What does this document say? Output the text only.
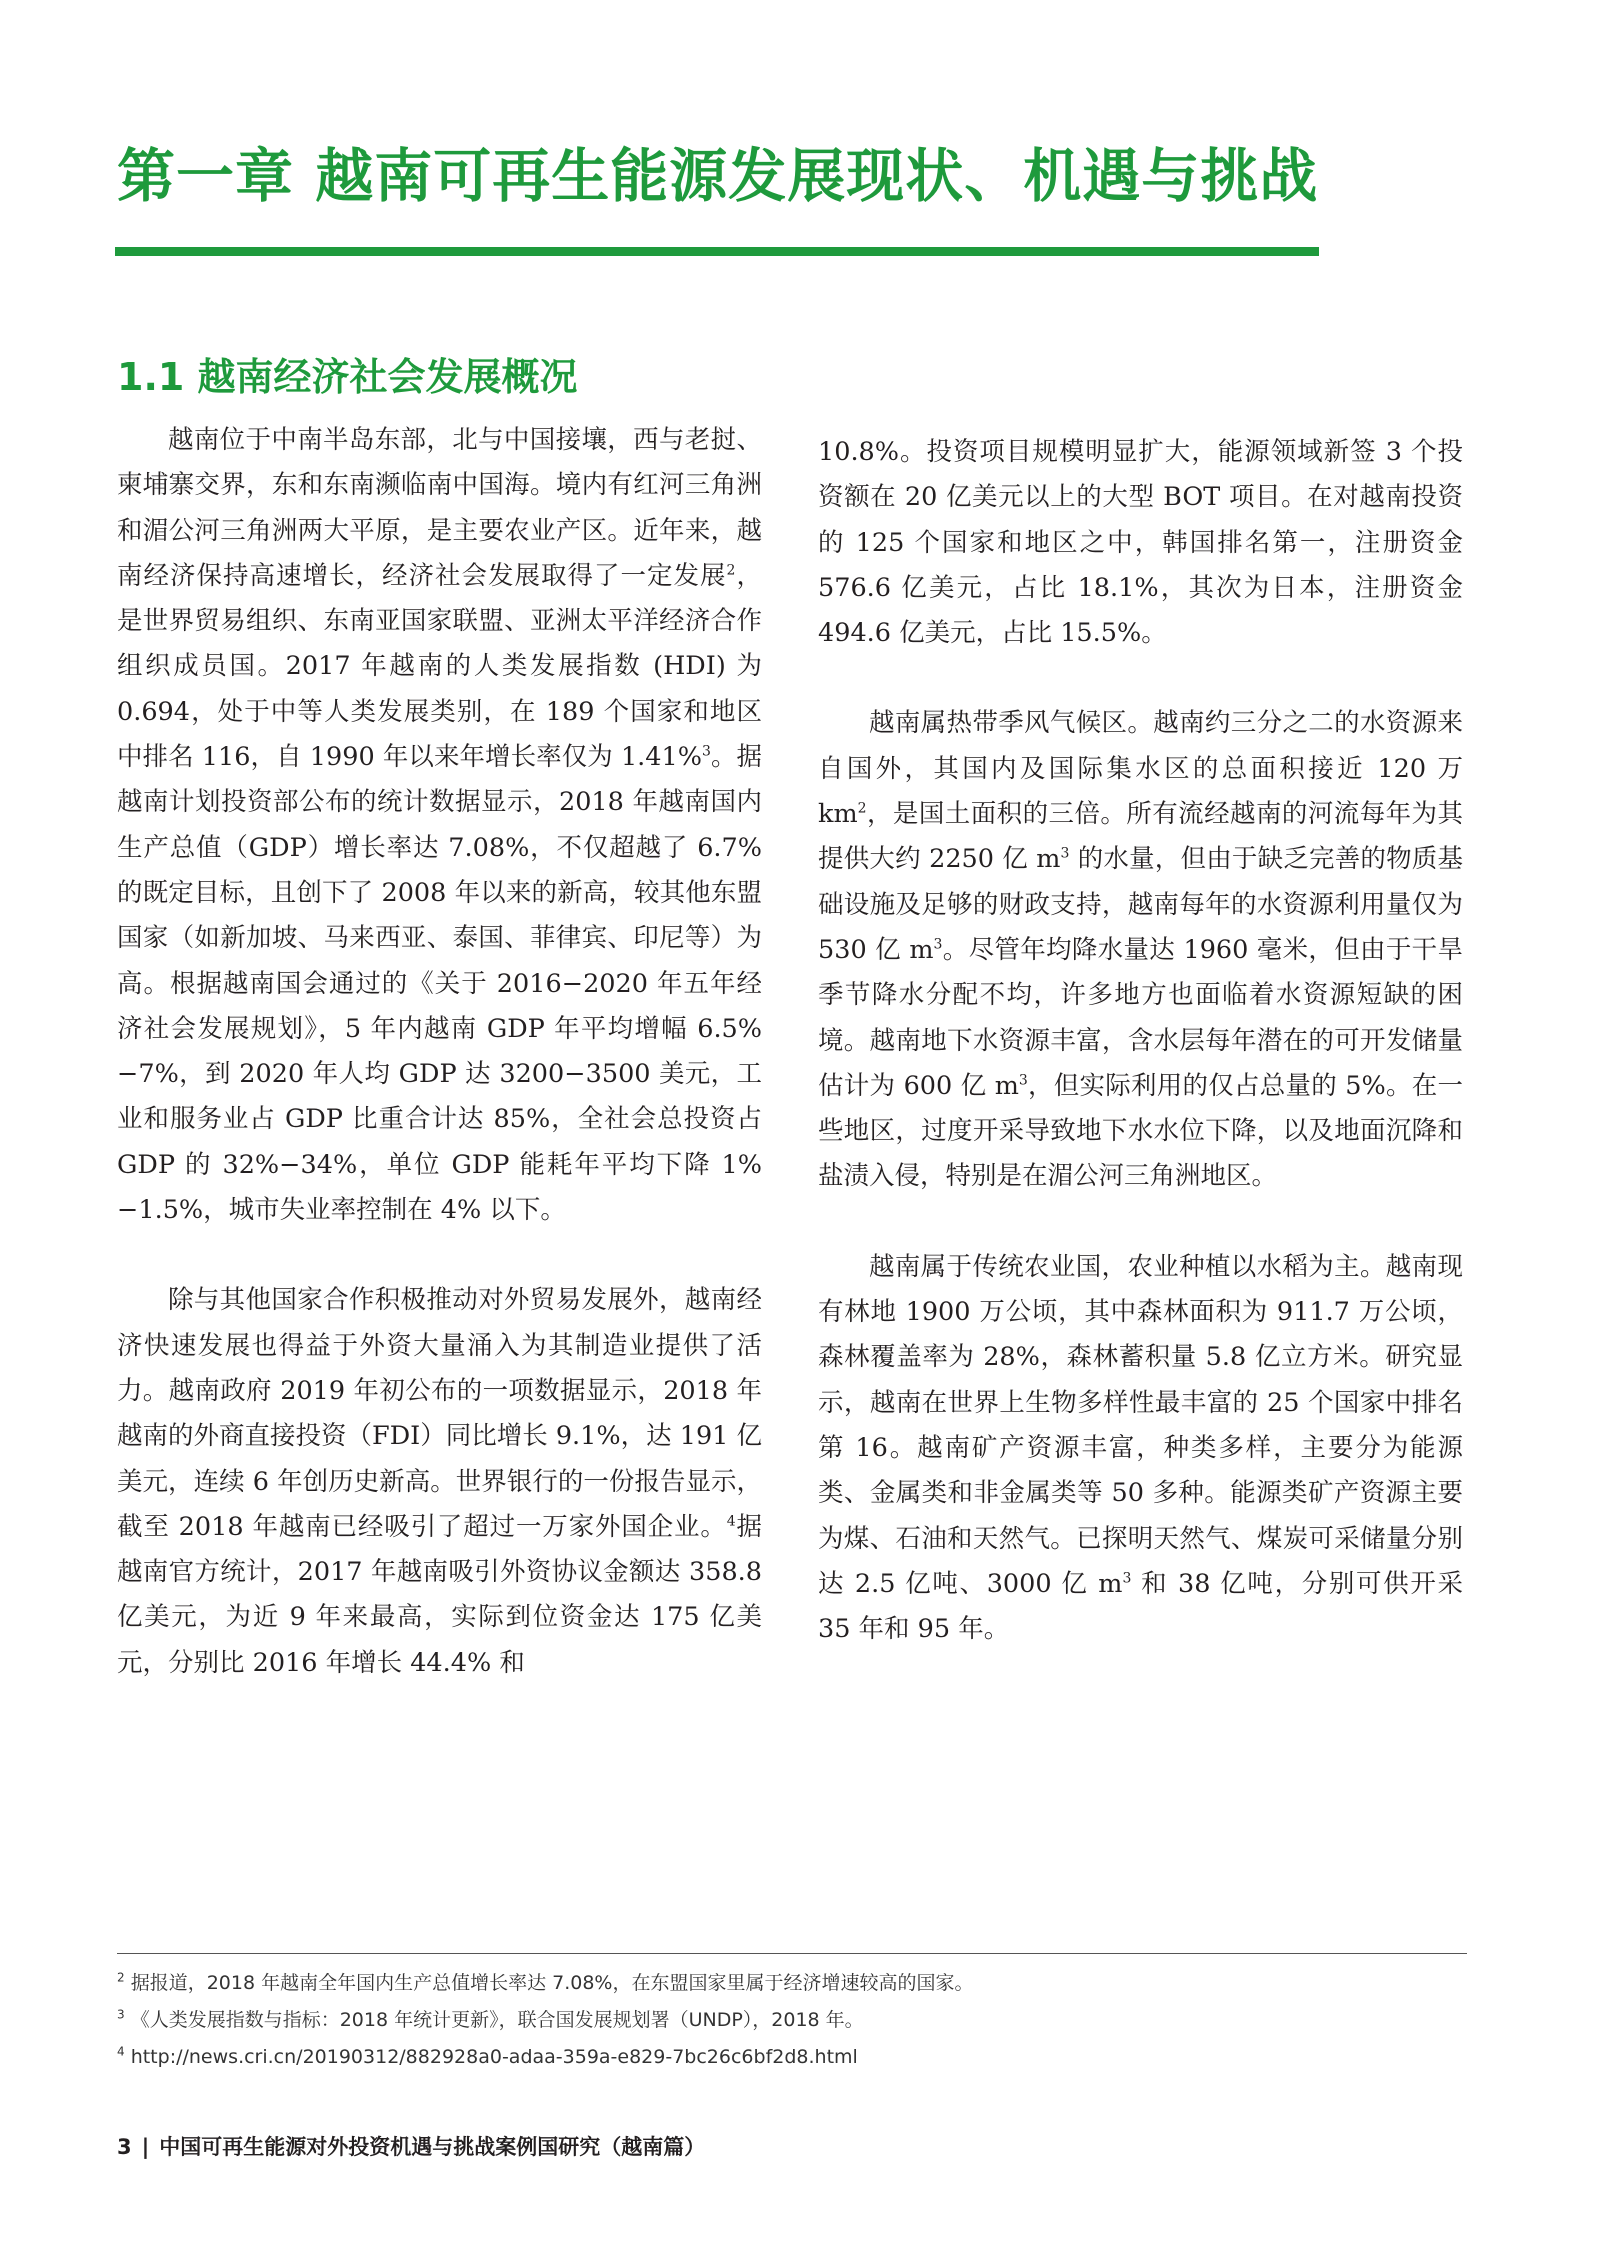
第一章 越南可再生能源发展现状、机遇与挑战
1.1 越南经济社会发展概况

越南位于中南半岛东部，北与中国接壤，西与老挝、柬埔寨交界，东和东南濒临南中国海。境内有红河三角洲和湄公河三角洲两大平原，是主要农业产区。近年来，越南经济保持高速增长，经济社会发展取得了一定发展$^2$，是世界贸易组织、东南亚国家联盟、亚洲太平洋经济合作组织成员国。2017 年越南的人类发展指数 (HDI) 为 0.694，处于中等人类发展类别，在 189 个国家和地区中排名 116，自 1990 年以来年增长率仅为 1.41%$^3$。据越南计划投资部公布的统计数据显示，2018 年越南国内生产总值（GDP）增长率达 7.08%，不仅超越了 6.7% 的既定目标，且创下了 2008 年以来的新高，较其他东盟国家（如新加坡、马来西亚、泰国、菲律宾、印尼等）为高。根据越南国会通过的《关于 2016−2020 年五年经济社会发展规划》，5 年内越南 GDP 年平均增幅 6.5%−7%，到 2020 年人均 GDP 达 3200−3500 美元，工业和服务业占 GDP 比重合计达 85%，全社会总投资占 GDP 的 32%−34%，单位 GDP 能耗年平均下降 1%−1.5%，城市失业率控制在 4% 以下。

除与其他国家合作积极推动对外贸易发展外，越南经济快速发展也得益于外资大量涌入为其制造业提供了活力。越南政府 2019 年初公布的一项数据显示，2018 年越南的外商直接投资（FDI）同比增长 9.1%，达 191 亿美元，连续 6 年创历史新高。世界银行的一份报告显示，截至 2018 年越南已经吸引了超过一万家外国企业。$^4$据越南官方统计，2017 年越南吸引外资协议金额达 358.8 亿美元，为近 9 年来最高，实际到位资金达 175 亿美元，分别比 2016 年增长 44.4% 和

10.8%。投资项目规模明显扩大，能源领域新签 3 个投资额在 20 亿美元以上的大型 BOT 项目。在对越南投资的 125 个国家和地区之中，韩国排名第一，注册资金 576.6 亿美元，占比 18.1%，其次为日本，注册资金 494.6 亿美元，占比 15.5%。

越南属热带季风气候区。越南约三分之二的水资源来自国外，其国内及国际集水区的总面积接近 120 万 $km^2$，是国土面积的三倍。所有流经越南的河流每年为其提供大约 2250 亿 $m^3$ 的水量，但由于缺乏完善的物质基础设施及足够的财政支持，越南每年的水资源利用量仅为 530 亿 $m^3$。尽管年均降水量达 1960 毫米，但由于干旱季节降水分配不均，许多地方也面临着水资源短缺的困境。越南地下水资源丰富，含水层每年潜在的可开发储量估计为 600 亿 $m^3$，但实际利用的仅占总量的 5%。在一些地区，过度开采导致地下水水位下降，以及地面沉降和盐渍入侵，特别是在湄公河三角洲地区。

越南属于传统农业国，农业种植以水稻为主。越南现有林地 1900 万公顷，其中森林面积为 911.7 万公顷，森林覆盖率为 28%，森林蓄积量 5.8 亿立方米。研究显示，越南在世界上生物多样性最丰富的 25 个国家中排名第 16。越南矿产资源丰富，种类多样，主要分为能源类、金属类和非金属类等 50 多种。能源类矿产资源主要为煤、石油和天然气。已探明天然气、煤炭可采储量分别达 2.5 亿吨、3000 亿 $m^3$ 和 38 亿吨，分别可供开采 35 年和 95 年。

$^2$ 据报道，2018 年越南全年国内生产总值增长率达 7.08%，在东盟国家里属于经济增速较高的国家。
$^3$ 《人类发展指数与指标：2018 年统计更新》，联合国发展规划署（UNDP），2018 年。
$^4$ http://news.cri.cn/20190312/882928a0-adaa-359a-e829-7bc26c6bf2d8.html
3 | 中国可再生能源对外投资机遇与挑战案例国研究（越南篇）
